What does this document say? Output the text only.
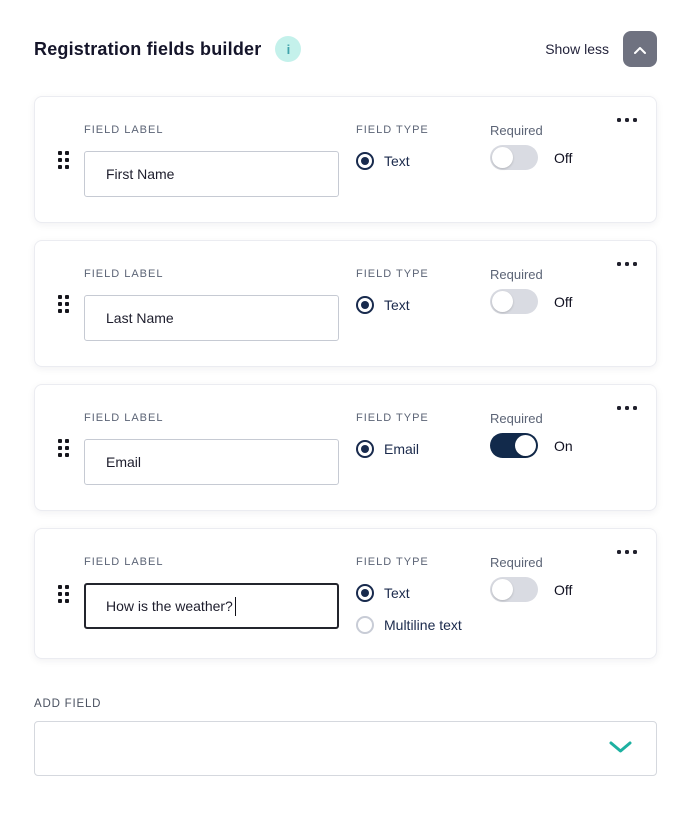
Registration fields builder	i	Show less
FIELD LABEL
First Name
FIELD TYPE
Text
Required
Off
FIELD LABEL
Last Name
FIELD TYPE
Text
Required
Off
FIELD LABEL
Email
FIELD TYPE
Email
Required
On
FIELD LABEL
How is the weather?
FIELD TYPE
Text
Multiline text
Required
Off
ADD FIELD
